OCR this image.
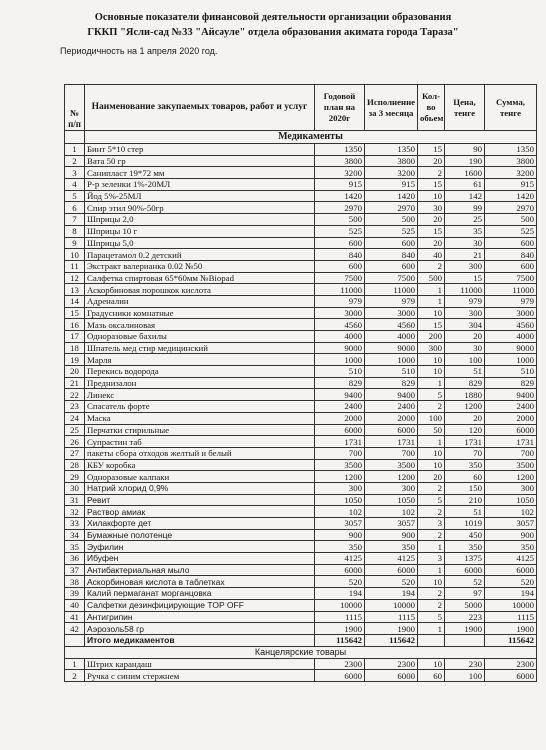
Основные показатели финансовой деятельности организации образования
ГККП "Ясли-сад №33 "Айсәуле" отдела образования акимата города Тараза"
Периодичность на 1 апреля 2020 год.
№ п/п	Наименование закупаемых товаров, работ и услуг	Годовой план на 2020г	Исполнение за 3 месяца	Кол-во обьем	Цена, тенге	Сумма, тенге
	Медикаменты					
1	Бинт 5*10 стер	1350	1350	15	90	1350
2	Вата 50 гр	3800	3800	20	190	3800
3	Санипласт 19*72 мм	3200	3200	2	1600	3200
4	Р-р зеленки 1%-20МЛ	915	915	15	61	915
5	Йод 5%-25МЛ	1420	1420	10	142	1420
6	Спир этил 90%-50гр	2970	2970	30	99	2970
7	Шприцы 2,0	500	500	20	25	500
8	Шприцы 10 г	525	525	15	35	525
9	Шприцы 5,0	600	600	20	30	600
10	Парацетамол 0.2 детский	840	840	40	21	840
11	Экстракт валерианка 0.02 №50	600	600	2	300	600
12	Салфетка спиртовая 65*60мм №Віорad	7500	7500	500	15	7500
13	Аскорбиновая порошкок кислота	11000	11000	1	11000	11000
14	Адреналин	979	979	1	979	979
15	Градусники комнатные	3000	3000	10	300	3000
16	Мазь оксалиновая	4560	4560	15	304	4560
17	Одноразовые бахилы	4000	4000	200	20	4000
18	Шпатель мед стир медицинский	9000	9000	300	30	9000
19	Марля	1000	1000	10	100	1000
20	Перекись водорода	510	510	10	51	510
21	Преднизалон	829	829	1	829	829
22	Линекс	9400	9400	5	1880	9400
23	Спасатель форте	2400	2400	2	1200	2400
24	Маска	2000	2000	100	20	2000
25	Перчатки стирильные	6000	6000	50	120	6000
26	Супрастин таб	1731	1731	1	1731	1731
27	пакеты сбора отходов желтый и белый	700	700	10	70	700
28	КБУ коробка	3500	3500	10	350	3500
29	Одноразовые калпаки	1200	1200	20	60	1200
30	Натрий хлорид 0,9%	300	300	2	150	300
31	Ревит	1050	1050	5	210	1050
32	Раствор амиак	102	102	2	51	102
33	Хилакфорте дет	3057	3057	3	1019	3057
34	Бумажные полотенце	900	900	2	450	900
35	Эуфилин	350	350	1	350	350
36	Ибуфен	4125	4125	3	1375	4125
37	Антибактериальная мыло	6000	6000	1	6000	6000
38	Аскорбиновая кислота в таблетках	520	520	10	52	520
39	Калий пермаганат морганцовка	194	194	2	97	194
40	Салфетки дезинфицирующие TOP OFF	10000	10000	2	5000	10000
41	Антигрипин	1115	1115	5	223	1115
42	Аэрозоль58 гр	1900	1900	1	1900	1900
	Итого медикаментов	115642	115642			115642
Канцелярские товары						
1	Штрих карандаш	2300	2300	10	230	2300
2	Ручка с синим стержнем	6000	6000	60	100	6000
